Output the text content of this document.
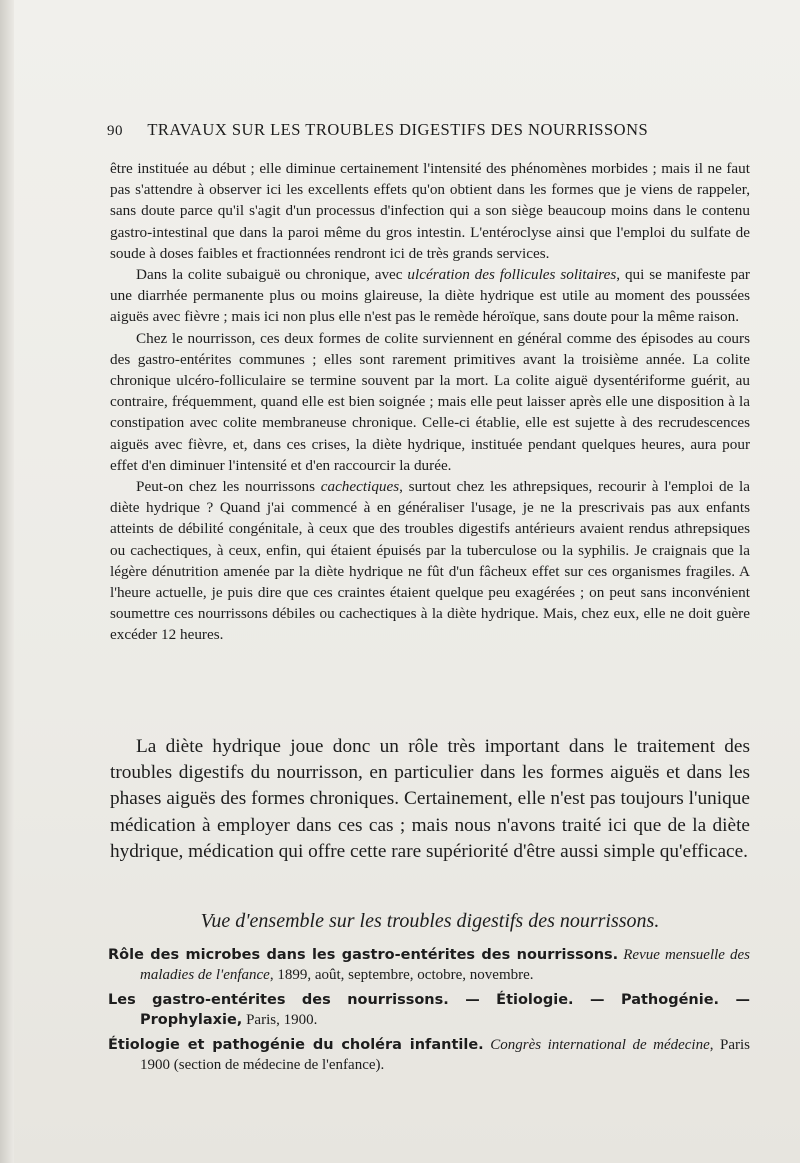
90 TRAVAUX SUR LES TROUBLES DIGESTIFS DES NOURRISSONS

être instituée au début ; elle diminue certainement l'intensité des phénomènes morbides ; mais il ne faut pas s'attendre à observer ici les excellents effets qu'on obtient dans les formes que je viens de rappeler, sans doute parce qu'il s'agit d'un processus d'infection qui a son siège beaucoup moins dans le contenu gastro-intestinal que dans la paroi même du gros intestin. L'entéroclyse ainsi que l'emploi du sulfate de soude à doses faibles et fractionnées rendront ici de très grands services.

Dans la colite subaiguë ou chronique, avec ulcération des follicules solitaires, qui se manifeste par une diarrhée permanente plus ou moins glaireuse, la diète hydrique est utile au moment des poussées aiguës avec fièvre ; mais ici non plus elle n'est pas le remède héroïque, sans doute pour la même raison.

Chez le nourrisson, ces deux formes de colite surviennent en général comme des épisodes au cours des gastro-entérites communes ; elles sont rarement primitives avant la troisième année. La colite chronique ulcéro-folliculaire se termine souvent par la mort. La colite aiguë dysentériforme guérit, au contraire, fréquemment, quand elle est bien soignée ; mais elle peut laisser après elle une disposition à la constipation avec colite membraneuse chronique. Celle-ci établie, elle est sujette à des recrudescences aiguës avec fièvre, et, dans ces crises, la diète hydrique, instituée pendant quelques heures, aura pour effet d'en diminuer l'intensité et d'en raccourcir la durée.

Peut-on chez les nourrissons cachectiques, surtout chez les athrepsiques, recourir à l'emploi de la diète hydrique ? Quand j'ai commencé à en généraliser l'usage, je ne la prescrivais pas aux enfants atteints de débilité congénitale, à ceux que des troubles digestifs antérieurs avaient rendus athrepsiques ou cachectiques, à ceux, enfin, qui étaient épuisés par la tuberculose ou la syphilis. Je craignais que la légère dénutrition amenée par la diète hydrique ne fût d'un fâcheux effet sur ces organismes fragiles. A l'heure actuelle, je puis dire que ces craintes étaient quelque peu exagérées ; on peut sans inconvénient soumettre ces nourrissons débiles ou cachectiques à la diète hydrique. Mais, chez eux, elle ne doit guère excéder 12 heures.

La diète hydrique joue donc un rôle très important dans le traitement des troubles digestifs du nourrisson, en particulier dans les formes aiguës et dans les phases aiguës des formes chroniques. Certainement, elle n'est pas toujours l'unique médication à employer dans ces cas ; mais nous n'avons traité ici que de la diète hydrique, médication qui offre cette rare supériorité d'être aussi simple qu'efficace.

Vue d'ensemble sur les troubles digestifs des nourrissons.
Rôle des microbes dans les gastro-entérites des nourrissons. Revue mensuelle des maladies de l'enfance, 1899, août, septembre, octobre, novembre.
Les gastro-entérites des nourrissons. — Étiologie. — Pathogénie. — Prophylaxie, Paris, 1900.
Étiologie et pathogénie du choléra infantile. Congrès international de médecine, Paris 1900 (section de médecine de l'enfance).
